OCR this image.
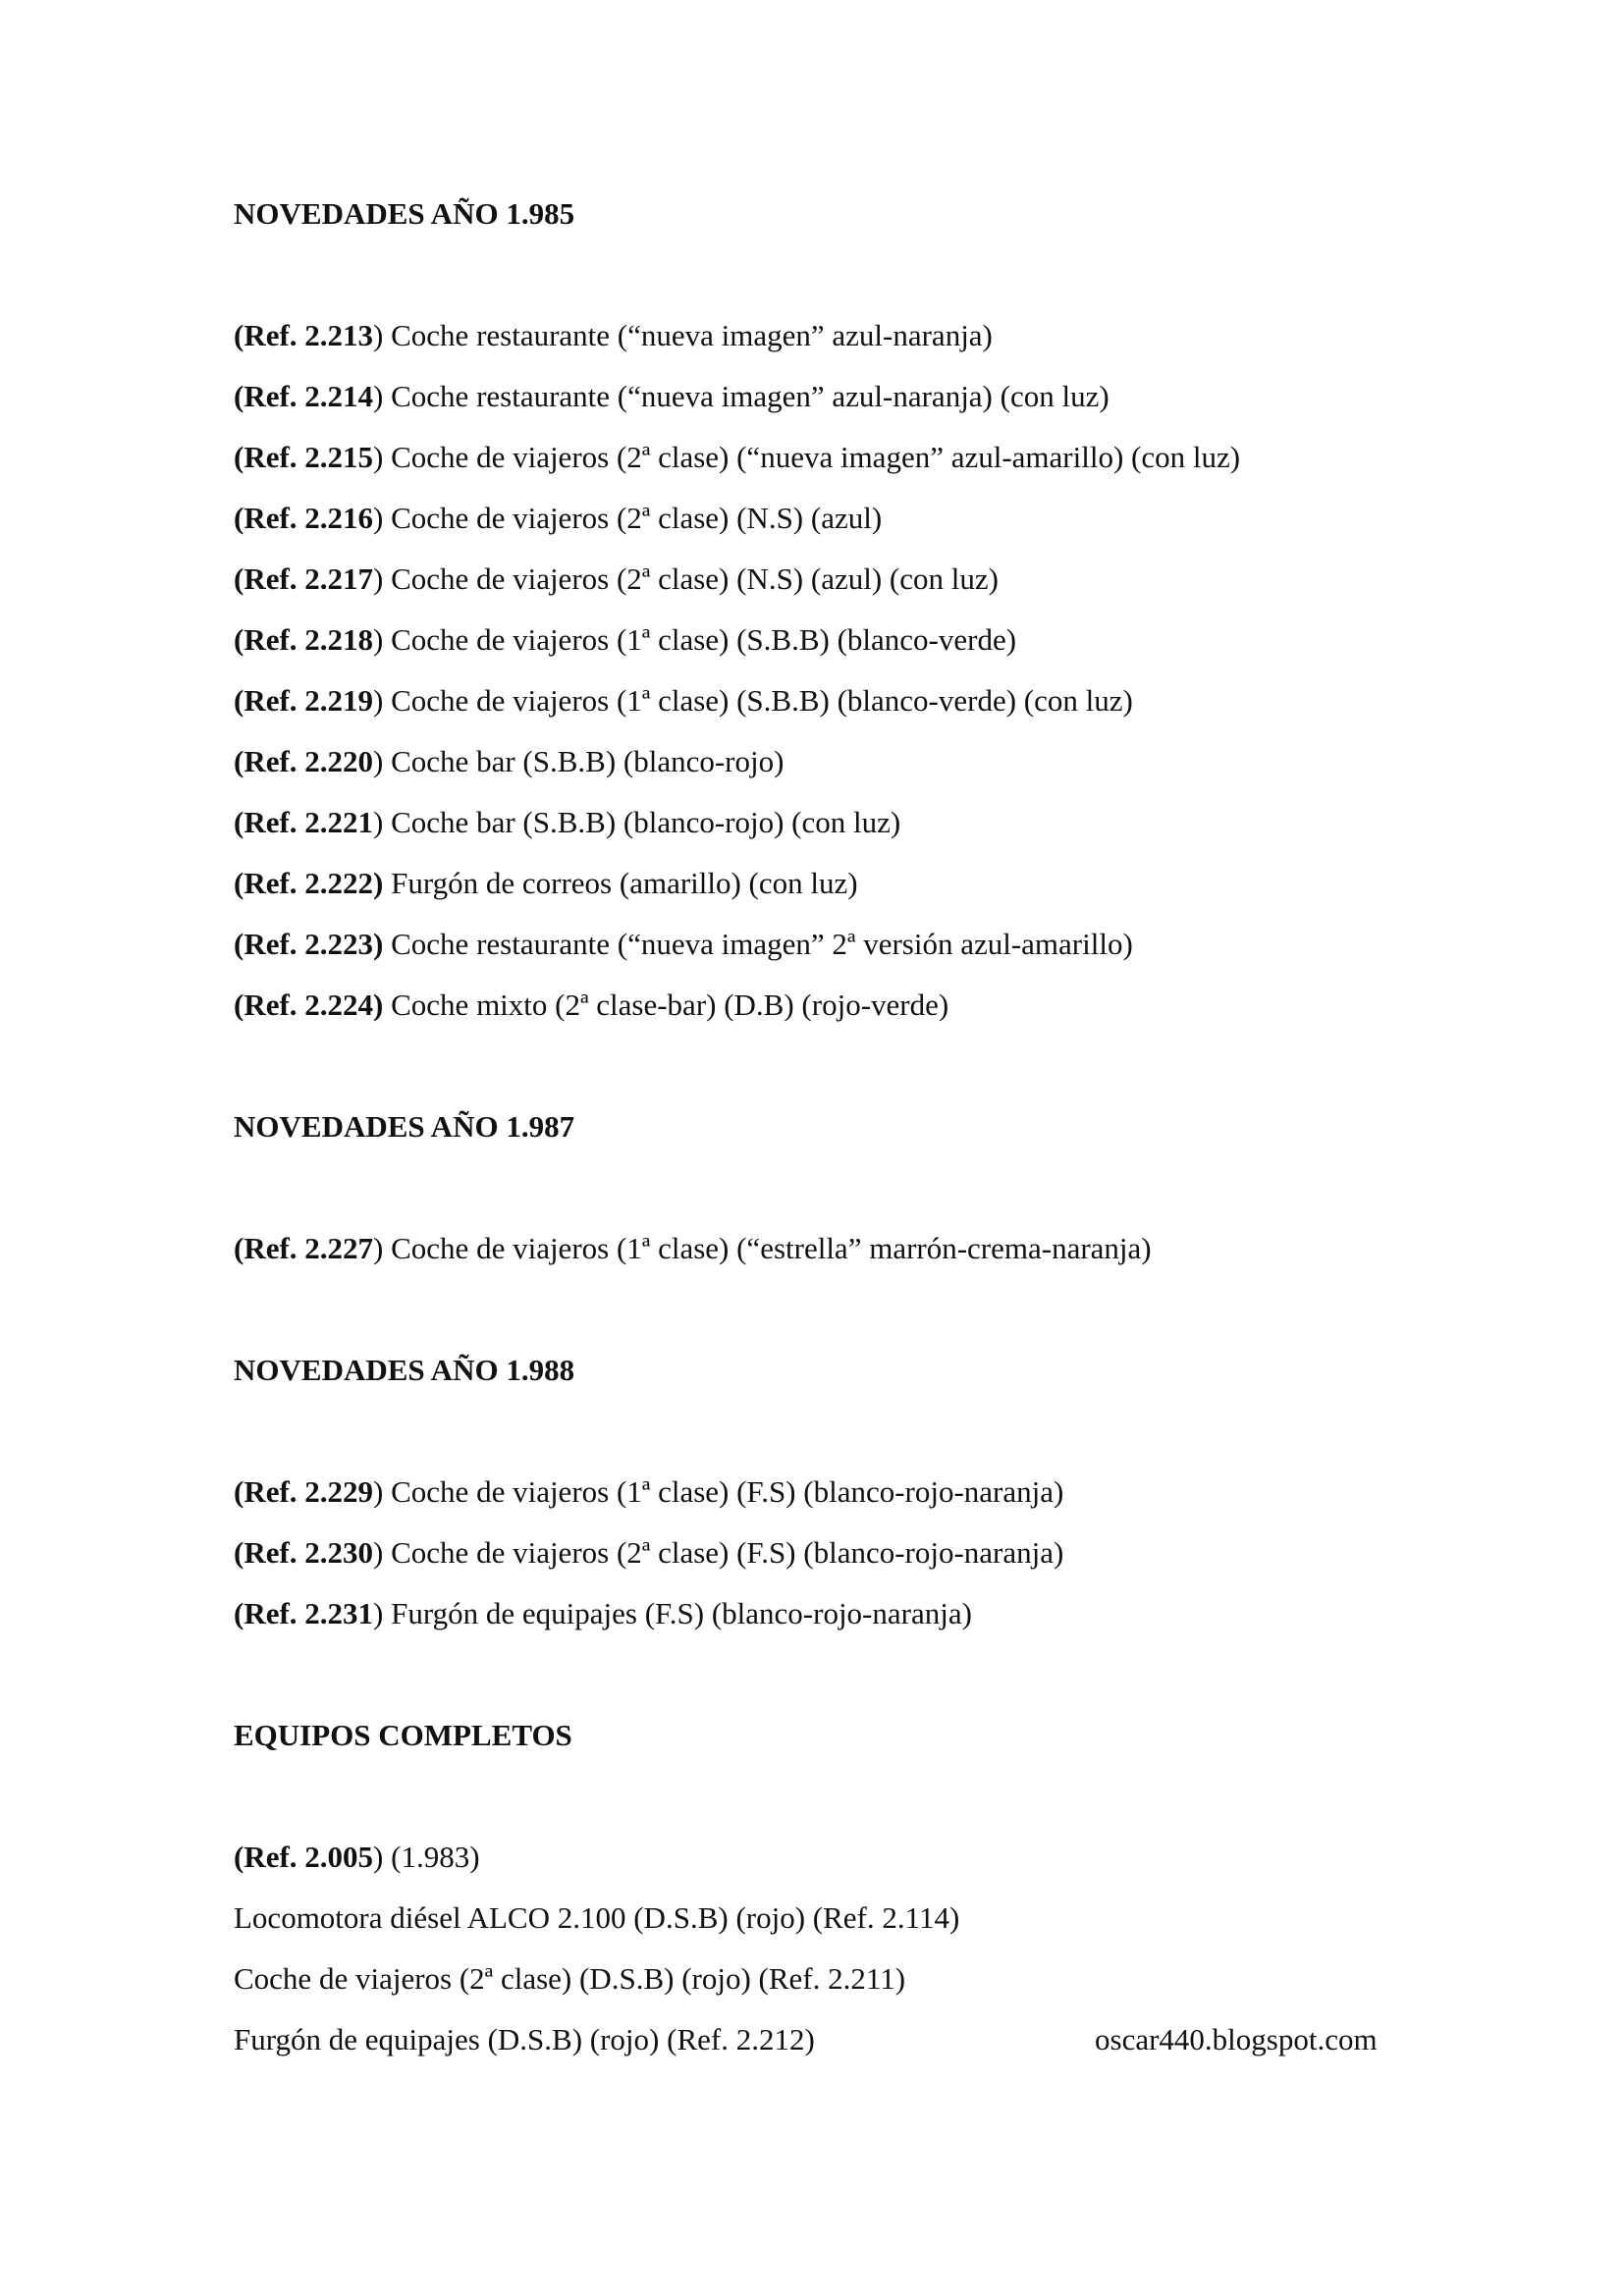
NOVEDADES AÑO 1.985
(Ref. 2.213) Coche restaurante (“nueva imagen” azul-naranja)
(Ref. 2.214) Coche restaurante (“nueva imagen” azul-naranja) (con luz)
(Ref. 2.215) Coche de viajeros (2ª clase) (“nueva imagen” azul-amarillo) (con luz)
(Ref. 2.216) Coche de viajeros (2ª clase) (N.S) (azul)
(Ref. 2.217) Coche de viajeros (2ª clase) (N.S) (azul) (con luz)
(Ref. 2.218) Coche de viajeros (1ª clase) (S.B.B) (blanco-verde)
(Ref. 2.219) Coche de viajeros (1ª clase) (S.B.B) (blanco-verde) (con luz)
(Ref. 2.220) Coche bar (S.B.B) (blanco-rojo)
(Ref. 2.221) Coche bar (S.B.B) (blanco-rojo) (con luz)
(Ref. 2.222) Furgón de correos (amarillo) (con luz)
(Ref. 2.223) Coche restaurante (“nueva imagen” 2ª versión azul-amarillo)
(Ref. 2.224) Coche mixto (2ª clase-bar) (D.B) (rojo-verde)
NOVEDADES AÑO 1.987
(Ref. 2.227) Coche de viajeros (1ª clase) (“estrella” marrón-crema-naranja)
NOVEDADES AÑO 1.988
(Ref. 2.229) Coche de viajeros (1ª clase) (F.S) (blanco-rojo-naranja)
(Ref. 2.230) Coche de viajeros (2ª clase) (F.S) (blanco-rojo-naranja)
(Ref. 2.231) Furgón de equipajes (F.S) (blanco-rojo-naranja)
EQUIPOS COMPLETOS
(Ref. 2.005) (1.983)
Locomotora diésel ALCO 2.100 (D.S.B) (rojo) (Ref. 2.114)
Coche de viajeros (2ª clase) (D.S.B) (rojo) (Ref. 2.211)
Furgón de equipajes (D.S.B) (rojo) (Ref. 2.212)	oscar440.blogspot.com
